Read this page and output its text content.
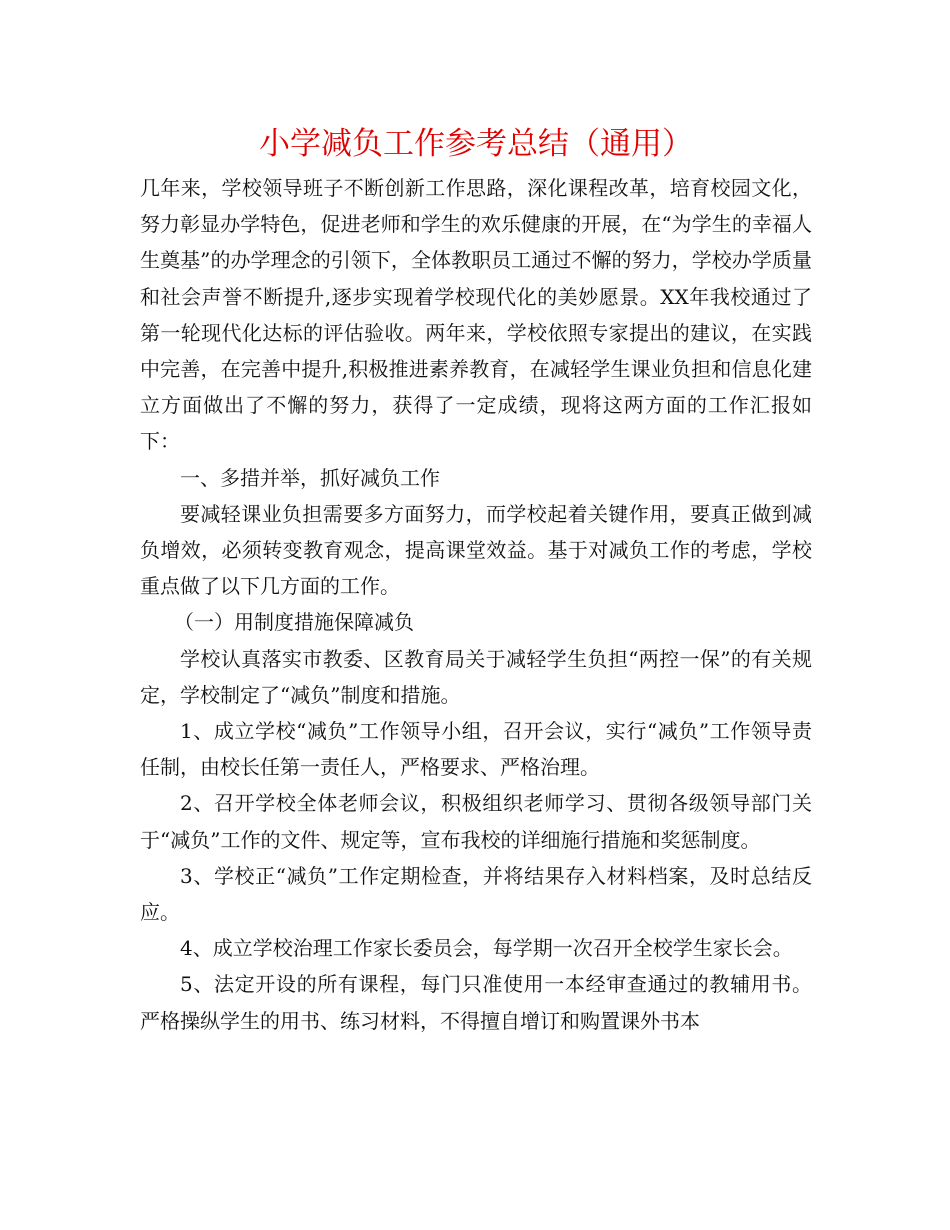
小学减负工作参考总结（通用）

几年来，学校领导班子不断创新工作思路，深化课程改革，培育校园文化，努力彰显办学特色，促进老师和学生的欢乐健康的开展，在“为学生的幸福人生奠基”的办学理念的引领下，全体教职员工通过不懈的努力，学校办学质量和社会声誉不断提升,逐步实现着学校现代化的美妙愿景。XX年我校通过了第一轮现代化达标的评估验收。两年来，学校依照专家提出的建议，在实践中完善，在完善中提升,积极推进素养教育，在减轻学生课业负担和信息化建立方面做出了不懈的努力，获得了一定成绩，现将这两方面的工作汇报如下：

一、多措并举，抓好减负工作

要减轻课业负担需要多方面努力，而学校起着关键作用，要真正做到减负增效，必须转变教育观念，提高课堂效益。基于对减负工作的考虑，学校重点做了以下几方面的工作。

（一）用制度措施保障减负

学校认真落实市教委、区教育局关于减轻学生负担“两控一保”的有关规定，学校制定了“减负”制度和措施。

1、成立学校“减负”工作领导小组，召开会议，实行“减负”工作领导责任制，由校长任第一责任人，严格要求、严格治理。

2、召开学校全体老师会议，积极组织老师学习、贯彻各级领导部门关于“减负”工作的文件、规定等，宣布我校的详细施行措施和奖惩制度。

3、学校正“减负”工作定期检查，并将结果存入材料档案，及时总结反应。

4、成立学校治理工作家长委员会，每学期一次召开全校学生家长会。

5、法定开设的所有课程，每门只准使用一本经审查通过的教辅用书。严格操纵学生的用书、练习材料，不得擅自增订和购置课外书本
